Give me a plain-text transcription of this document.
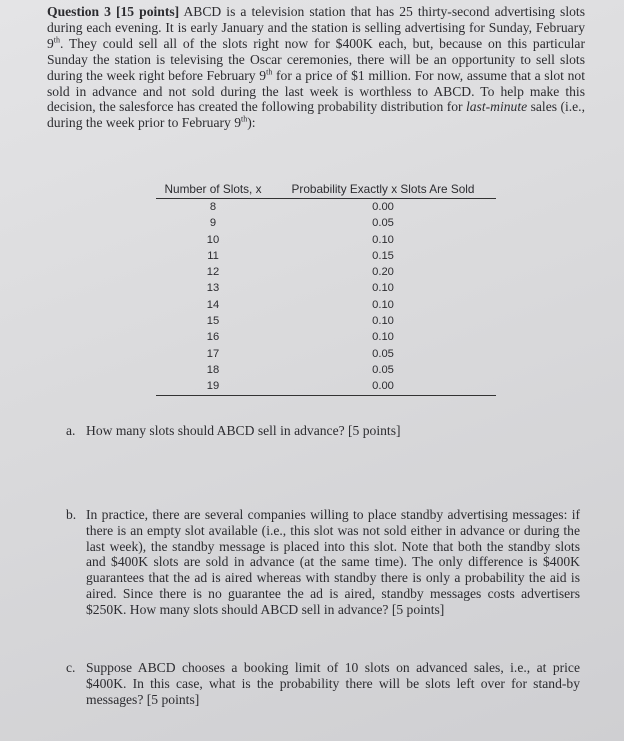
Question 3 [15 points] ABCD is a television station that has 25 thirty-second advertising slots during each evening. It is early January and the station is selling advertising for Sunday, February 9th. They could sell all of the slots right now for $400K each, but, because on this particular Sunday the station is televising the Oscar ceremonies, there will be an opportunity to sell slots during the week right before February 9th for a price of $1 million. For now, assume that a slot not sold in advance and not sold during the last week is worthless to ABCD. To help make this decision, the salesforce has created the following probability distribution for last-minute sales (i.e., during the week prior to February 9th):
Number of Slots, x	Probability Exactly x Slots Are Sold
8	0.00
9	0.05
10	0.10
11	0.15
12	0.20
13	0.10
14	0.10
15	0.10
16	0.10
17	0.05
18	0.05
19	0.00
a. How many slots should ABCD sell in advance? [5 points]
b. In practice, there are several companies willing to place standby advertising messages: if there is an empty slot available (i.e., this slot was not sold either in advance or during the last week), the standby message is placed into this slot. Note that both the standby slots and $400K slots are sold in advance (at the same time). The only difference is $400K guarantees that the ad is aired whereas with standby there is only a probability the aid is aired. Since there is no guarantee the ad is aired, standby messages costs advertisers $250K. How many slots should ABCD sell in advance? [5 points]
c. Suppose ABCD chooses a booking limit of 10 slots on advanced sales, i.e., at price $400K. In this case, what is the probability there will be slots left over for stand-by messages? [5 points]
